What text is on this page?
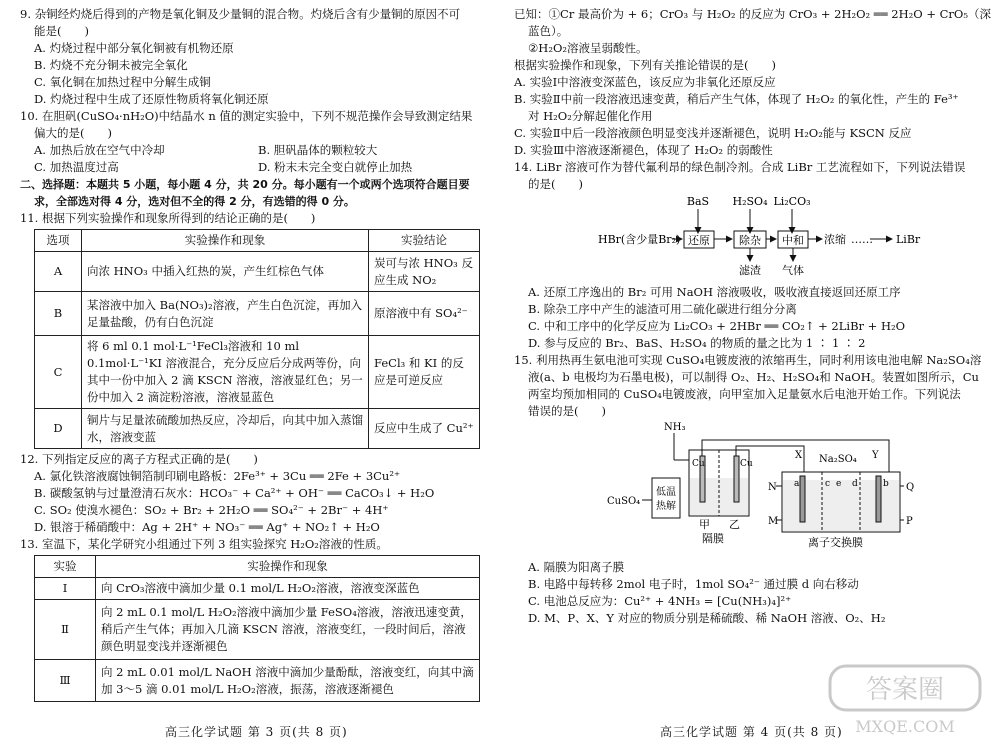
9. 杂铜经灼烧后得到的产物是氧化铜及少量铜的混合物。灼烧后含有少量铜的原因不可
能是(　　)
A. 灼烧过程中部分氧化铜被有机物还原
B. 灼烧不充分铜未被完全氧化
C. 氧化铜在加热过程中分解生成铜
D. 灼烧过程中生成了还原性物质将氧化铜还原
10. 在胆矾(CuSO₄·nH₂O)中结晶水 n 值的测定实验中，下列不规范操作会导致测定结果
偏大的是(　　)
A. 加热后放在空气中冷却	B. 胆矾晶体的颗粒较大
C. 加热温度过高	D. 粉末未完全变白就停止加热
二、选择题：本题共 5 小题，每小题 4 分，共 20 分。每小题有一个或两个选项符合题目要
求，全部选对得 4 分，选对但不全的得 2 分，有选错的得 0 分。
11. 根据下列实验操作和现象所得到的结论正确的是(　　)
选项	实验操作和现象	实验结论
A	向浓 HNO₃ 中插入红热的炭，产生红棕色气体	炭可与浓 HNO₃ 反应生成 NO₂
B	某溶液中加入 Ba(NO₃)₂溶液，产生白色沉淀，再加入足量盐酸，仍有白色沉淀	原溶液中有 SO₄²⁻
C	将 6 ml 0.1 mol·L⁻¹FeCl₃溶液和 10 ml 0.1mol·L⁻¹KI 溶液混合，充分反应后分成两等份，向其中一份中加入 2 滴 KSCN 溶液，溶液显红色；另一份中加入 2 滴淀粉溶液，溶液显蓝色	FeCl₃ 和 KI 的反应是可逆反应
D	铜片与足量浓硫酸加热反应，冷却后，向其中加入蒸馏水，溶液变蓝	反应中生成了 Cu²⁺
12. 下列指定反应的离子方程式正确的是(　　)
A. 氯化铁溶液腐蚀铜箔制印刷电路板：2Fe³⁺ + 3Cu ══ 2Fe + 3Cu²⁺
B. 碳酸氢钠与过量澄清石灰水：HCO₃⁻ + Ca²⁺ + OH⁻ ══ CaCO₃↓ + H₂O
C. SO₂ 使溴水褪色：SO₂ + Br₂ + 2H₂O ══ SO₄²⁻ + 2Br⁻ + 4H⁺
D. 银溶于稀硝酸中：Ag + 2H⁺ + NO₃⁻ ══ Ag⁺ + NO₂↑ + H₂O
13. 室温下，某化学研究小组通过下列 3 组实验探究 H₂O₂溶液的性质。
实验	实验操作和现象
Ⅰ	向 CrO₃溶液中滴加少量 0.1 mol/L H₂O₂溶液，溶液变深蓝色
Ⅱ	向 2 mL 0.1 mol/L H₂O₂溶液中滴加少量 FeSO₄溶液，溶液迅速变黄，稍后产生气体；再加入几滴 KSCN 溶液，溶液变红，一段时间后，溶液颜色明显变浅并逐渐褪色
Ⅲ	向 2 mL 0.01 mol/L NaOH 溶液中滴加少量酚酞，溶液变红，向其中滴加 3～5 滴 0.01 mol/L H₂O₂溶液，振荡，溶液逐渐褪色
高三化学试题 第 3 页(共 8 页)
已知：①Cr 最高价为 + 6；CrO₃ 与 H₂O₂ 的反应为 CrO₃ + 2H₂O₂ ══ 2H₂O + CrO₅（深
蓝色）。
②H₂O₂溶液呈弱酸性。
根据实验操作和现象，下列有关推论错误的是(　　)
A. 实验Ⅰ中溶液变深蓝色，该反应为非氧化还原反应
B. 实验Ⅱ中前一段溶液迅速变黄，稍后产生气体，体现了 H₂O₂ 的氧化性，产生的 Fe³⁺
对 H₂O₂分解起催化作用
C. 实验Ⅱ中后一段溶液颜色明显变浅并逐渐褪色，说明 H₂O₂能与 KSCN 反应
D. 实验Ⅲ中溶液逐渐褪色，体现了 H₂O₂ 的弱酸性
14. LiBr 溶液可作为替代氟利昂的绿色制冷剂。合成 LiBr 工艺流程如下，下列说法错误
的是(　　)
BaS H₂SO₄ Li₂CO₃
HBr(含少量Br₂) 还原	除杂 中和 浓缩 …… LiBr
滤渣 气体
A. 还原工序逸出的 Br₂ 可用 NaOH 溶液吸收，吸收液直接返回还原工序
B. 除杂工序中产生的滤渣可用二硫化碳进行组分分离
C. 中和工序中的化学反应为 Li₂CO₃ + 2HBr ══ CO₂↑ + 2LiBr + H₂O
D. 参与反应的 Br₂、BaS、H₂SO₄ 的物质的量之比为 1 ∶ 1 ∶ 2
15. 利用热再生氨电池可实现 CuSO₄电镀废液的浓缩再生，同时利用该电池电解 Na₂SO₄溶
液(a、b 电极均为石墨电极)，可以制得 O₂、H₂、H₂SO₄和 NaOH。装置如图所示，Cu
两室均预加相同的 CuSO₄电镀废液，向甲室加入足量氨水后电池开始工作。下列说法
错误的是(　　)
NH₃
低温
热解
CuSO₄
Cu	Cu
甲 乙
隔膜
X	Y
Na₂SO₄
a	b
c d
e
N	Q
M	P
离子交换膜
A. 隔膜为阳离子膜
B. 电路中每转移 2mol 电子时，1mol SO₄²⁻ 通过膜 d 向右移动
C. 电池总反应为：Cu²⁺ + 4NH₃ = [Cu(NH₃)₄]²⁺
D. M、P、X、Y 对应的物质分别是稀硫酸、稀 NaOH 溶液、O₂、H₂
高三化学试题 第 4 页(共 8 页)
答案圈
MXQE.COM
